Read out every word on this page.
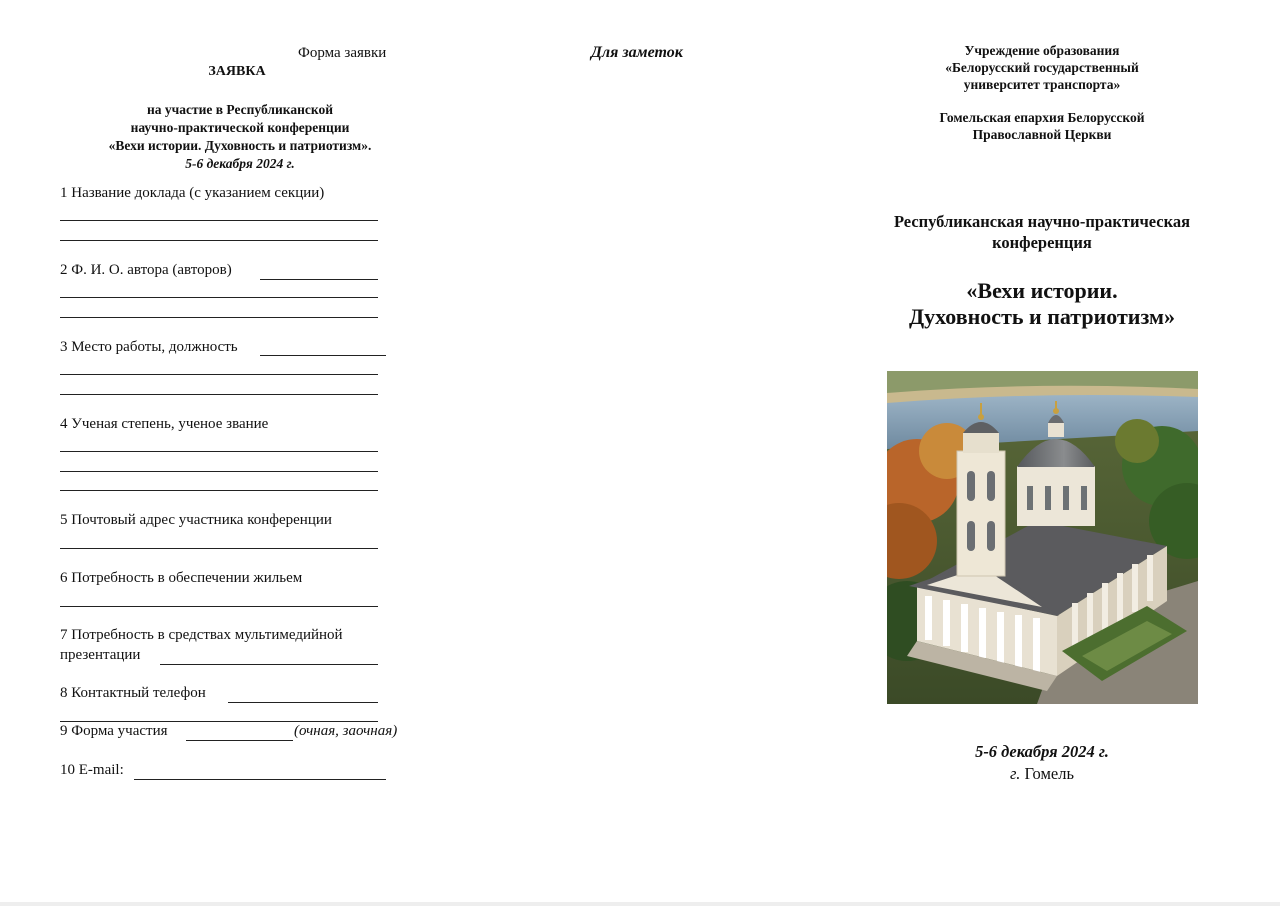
Форма заявки
ЗАЯВКА
на участие в Республиканской
научно-практической конференции
«Вехи истории. Духовность и патриотизм».
5-6 декабря 2024 г.
1 Название доклада (с указанием секции)
2 Ф. И. О. автора (авторов)
3 Место работы, должность
4 Ученая степень, ученое звание
5 Почтовый адрес участника конференции
6 Потребность в обеспечении жильем
7 Потребность в средствах мультимедийной
презентации
8 Контактный телефон
9 Форма участия	(очная, заочная)
10 E-mail:
Для заметок	Учреждение образования
«Белорусский государственный
университет транспорта»
Гомельская епархия Белорусской
Православной Церкви
Республиканская научно-практическая
конференция
«Вехи истории.
Духовность и патриотизм»
5-6 декабря 2024 г.
г. Гомель
